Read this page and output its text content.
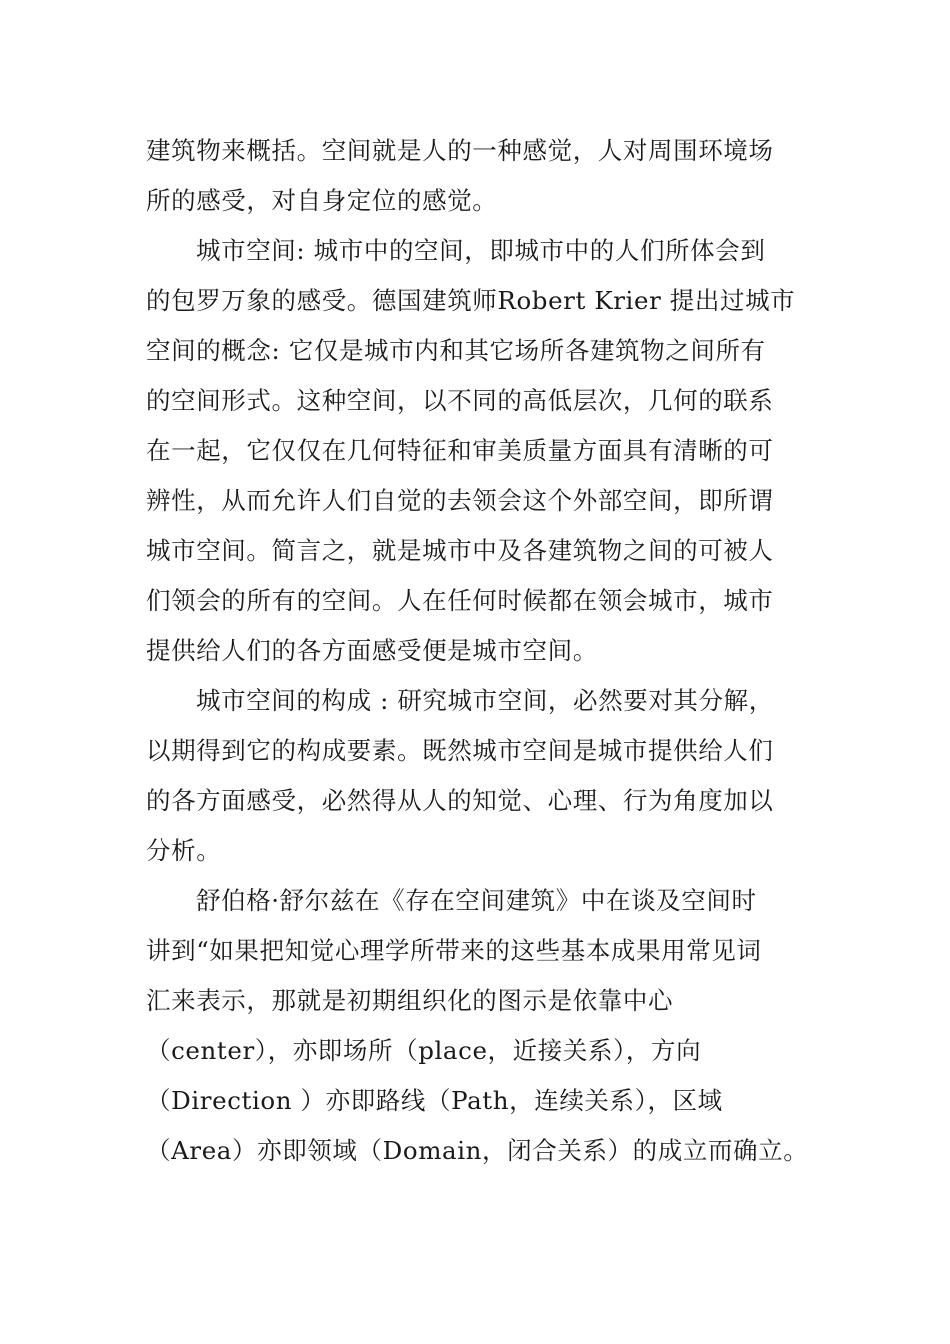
建筑物来概括。空间就是人的一种感觉，人对周围环境场
所的感受，对自身定位的感觉。
城市空间: 城市中的空间，即城市中的人们所体会到
的包罗万象的感受。德国建筑师Robert Krier 提出过城市
空间的概念: 它仅是城市内和其它场所各建筑物之间所有
的空间形式。这种空间，以不同的高低层次，几何的联系
在一起，它仅仅在几何特征和审美质量方面具有清晰的可
辨性，从而允许人们自觉的去领会这个外部空间，即所谓
城市空间。简言之，就是城市中及各建筑物之间的可被人
们领会的所有的空间。人在任何时候都在领会城市，城市
提供给人们的各方面感受便是城市空间。
城市空间的构成 : 研究城市空间，必然要对其分解，
以期得到它的构成要素。既然城市空间是城市提供给人们
的各方面感受，必然得从人的知觉、心理、行为角度加以
分析。
舒伯格·舒尔兹在《存在空间建筑》中在谈及空间时
讲到“如果把知觉心理学所带来的这些基本成果用常见词
汇来表示，那就是初期组织化的图示是依靠中心
（center），亦即场所（place，近接关系），方向
（Direction ）亦即路线（Path，连续关系），区域
（Area）亦即领域（Domain，闭合关系）的成立而确立。
